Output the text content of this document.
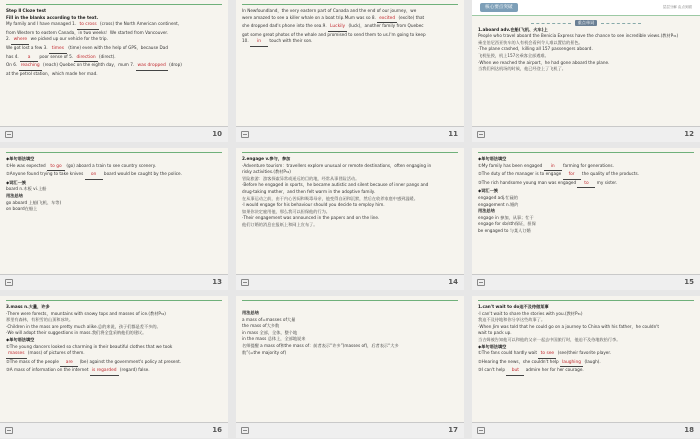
Step Ⅱ Cloze test
Fill in the blanks according to the text.
My family and I have managed 1. to cross (cross) the North American continent,
from Western to eastern Canada，in two weeks！We started from Vancouver．
2. where we picked up our vehicle for the trip.
We got lost a few 3. times (time) even with the help of GPS，because Dad
has 4. a poor sense of 5. direction (direct).
On 6. reaching (reach) Quebec on the eighth day，mum 7. was dropped (drop)
at the petrol station，which made her mad.
10
In Newfoundland，the very eastern part of Canada and the end of our journey，we
were amazed to see a killer whale on a boat trip.Mum was so 8. excited (excite) that
she dropped dad's phone into the sea.9. Luckily (luck)，another family from Quebec
got some great photos of the whale and promised to send them to us.I'm going to keep
10. in touch with their son.
11
核心要点突破	层层分解 由点到面
重点单词
1.aboard adv.在船(飞机、火车)上
People who travel aboard the Benicia Express have the chance to see incredible views.(教材P₃₁)
乘坐伯尼西亚快车的人有机会看到令人难以置信的景色。
·The plane crashed，killing all 157 passengers aboard.
飞机坠毁，机上157名乘客全部遇难。
·When we reached the airport，he had gone aboard the plane.
当我们到达机场的时候，他已经登上了飞机了。
12
◆单句语法填空
①He was expected to go (go) aboard a train to see country scenery.
②Anyone found trying to take knives on board would be caught by the police.
◆词汇一族
board n.木板 vi.上船
用法总结
go aboard 上船(飞机、车等)
on board在船上
13
2.engage v.参与，参加
·Adventure tourism：travellers explore unusual or remote destinations，often engaging in
risky activities.(教材P₃₂)
冒险旅游：游客探索异常或遥远的目的地，经常从事冒险活动。
·Before he engaged in sports，he became autistic and silent because of inner pangs and
drug-taking mother，and then felt warm in the adoptive family.
在从事运动之前，由于内心苦闷和吸毒母亲，他变得自闭和沉默，然后在收养家庭中感到温暖。
·I would engage for his behaviour should you decide to employ him.
如果你决定雇用他，那么我可以担保他的行为。
·Their engagement was announced in the papers and on the line.
他们订婚的消息在报纸上和网上宣布了。
14
◆单句语法填空
①My family has been engaged in farming for generations.
②The duty of the manager is to engage for the quality of the products.
③The rich handsome young man was engaged to my sister.
◆词汇一族
engaged adj.忙碌的
engagement n.婚约
用法总结
engage in 参加，从事；忙于
engage for sb/sth保证，担保
be engaged to 与某人订婚
15
3.mass n.大量，许多
·There were forests，mountains with snowy tops and masses of ice.(教材P₃₂)
那里有森林，有积雪的山顶和冰块。
·Children in the mass are pretty much alike.总的来说，孩子们都是差不多的。
·We will adopt their suggestions in mass.我们将全盘采纳他们的建议。
◆单句语法填空
①The young dancers looked so charming in their beautiful clothes that we took
masses (mass) of pictures of them.
②The mass of the people are (be) against the government's policy at present.
③A mass of information on the internet is regarded (regard) false.
16
用法总结
a mass of=masses of大量
the mass of大多数
in mass 全部，全体，整个地
in the mass 总体上，全部地说来
名师提醒 a mass of和the mass of：前者表示“许多”(masses of)，后者表示“大多
数”(=the majority of)
17
1.can't wait to do迫不及待做某事
·I can't wait to share the stories with you.(教材P₃₁)
我迫不及待地和你分享这些故事了。
·When Jim was told that he could go on a journey to China with his father，he couldn't
wait to pack up.
当吉姆被告知他可以和他的父亲一起去中国旅行时，他迫不及待地收拾行李。
◆单句语法填空
①The fans could hardly wait to see (see)their favorite player.
②Hearing the news，she couldn't help laughing (laugh).
③I can't help but admire her for her courage.
18
